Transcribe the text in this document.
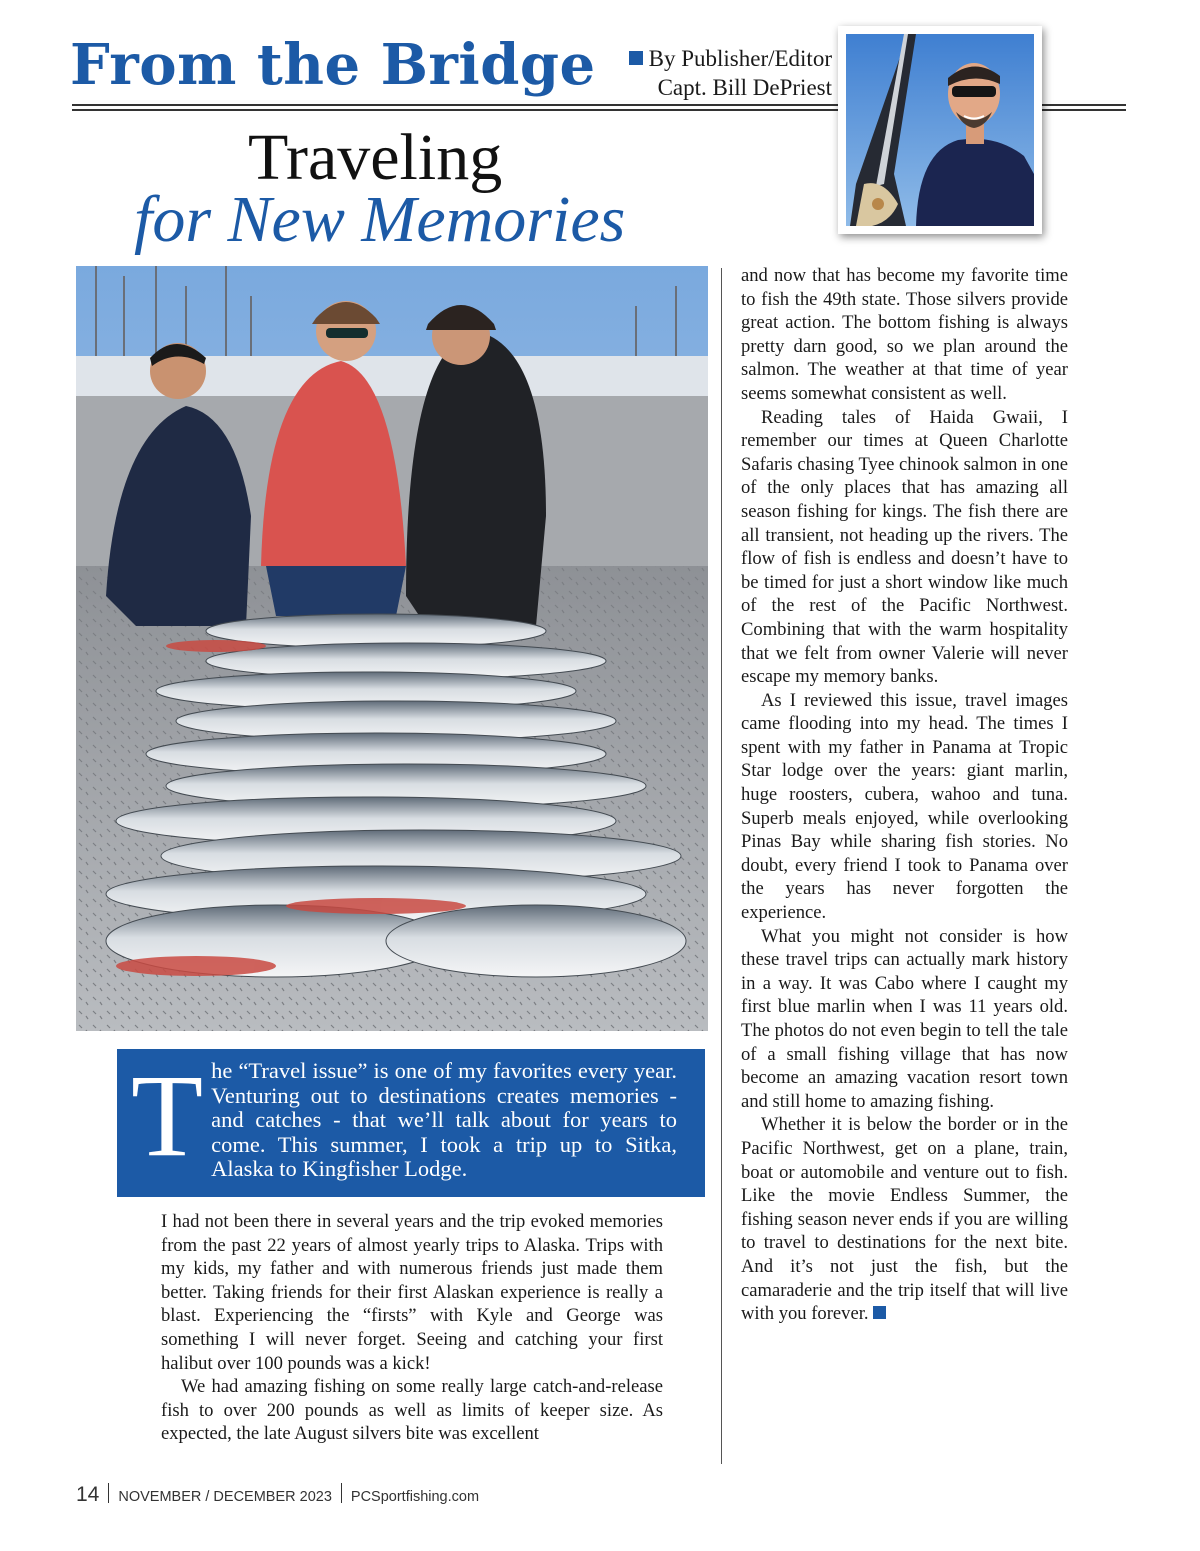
From the Bridge	By Publisher/Editor
Capt. Bill DePriest
Traveling
for New Memories

and now that has become my favorite time to fish the 49th state. Those silvers provide great action. The bottom fishing is always pretty darn good, so we plan around the salmon. The weather at that time of year seems somewhat consistent as well.

Reading tales of Haida Gwaii, I remember our times at Queen Charlotte Safaris chasing Tyee chinook salmon in one of the only places that has amazing all season fishing for kings. The fish there are all transient, not heading up the rivers. The flow of fish is endless and doesn’t have to be timed for just a short window like much of the rest of the Pacific Northwest. Combining that with the warm hospitality that we felt from owner Valerie will never escape my memory banks.

As I reviewed this issue, travel images came flooding into my head. The times I spent with my father in Panama at Tropic Star lodge over the years: giant marlin, huge roosters, cubera, wahoo and tuna. Superb meals enjoyed, while overlooking Pinas Bay while sharing fish stories. No doubt, every friend I took to Panama over the years has never forgotten the experience.

What you might not consider is how these travel trips can actually mark history in a way. It was Cabo where I caught my first blue marlin when I was 11 years old. The photos do not even begin to tell the tale of a small fishing village that has now become an amazing vacation resort town and still home to amazing fishing.

Whether it is below the border or in the Pacific Northwest, get on a plane, train, boat or automobile and venture out to fish. Like the movie Endless Summer, the fishing season never ends if you are willing to travel to destinations for the next bite. And it’s not just the fish, but the camaraderie and the trip itself that will live with you forever.

T he “Travel issue” is one of my favorites every year. Venturing out to destinations creates memories - and catches - that we’ll talk about for years to come. This summer, I took a trip up to Sitka, Alaska to Kingfisher Lodge.

I had not been there in several years and the trip evoked memories from the past 22 years of almost yearly trips to Alaska. Trips with my kids, my father and with numerous friends just made them better. Taking friends for their first Alaskan experience is really a blast. Experiencing the “firsts” with Kyle and George was something I will never forget. Seeing and catching your first halibut over 100 pounds was a kick!

We had amazing fishing on some really large catch-and-release fish to over 200 pounds as well as limits of keeper size. As expected, the late August silvers bite was excellent

14 NOVEMBER / DECEMBER 2023 PCSportfishing.com
